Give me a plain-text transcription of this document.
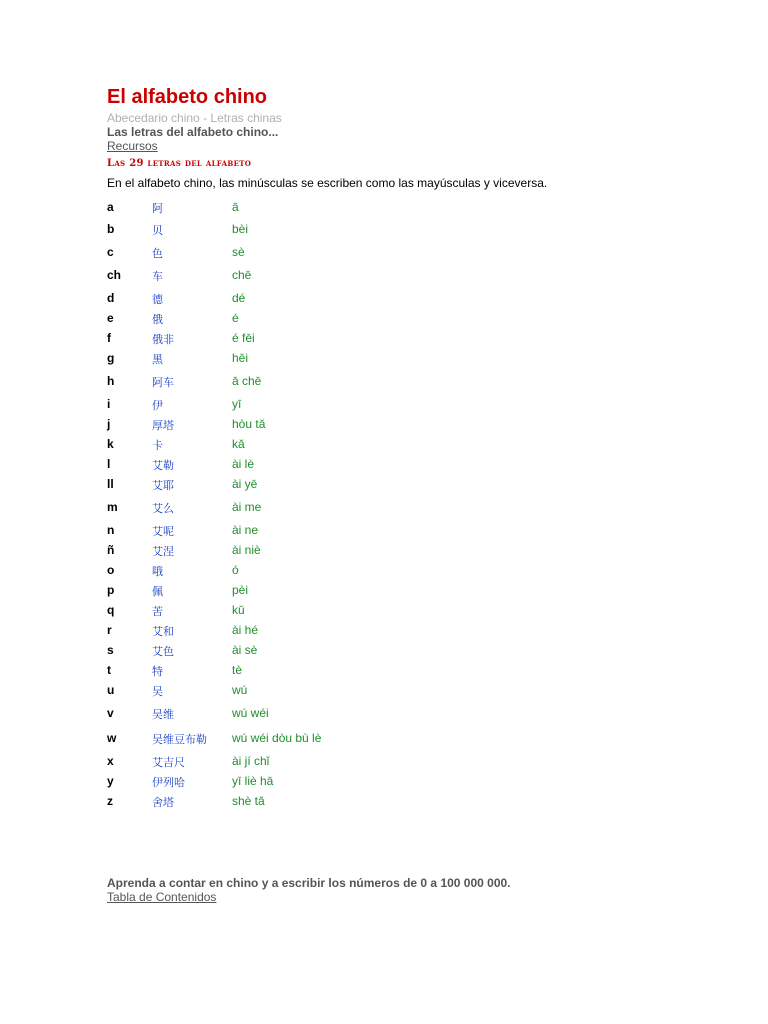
El alfabeto chino
Abecedario chino - Letras chinas
Las letras del alfabeto chino...
Recursos
Las 29 letras del alfabeto
En el alfabeto chino, las minúsculas se escriben como las mayúsculas y viceversa.
a	阿	ā
b	贝	bèi
c	色	sè
ch	车	chē
d	德	dé
e	俄	é
f	俄非	é fēi
g	黑	hēi
h	阿车	ā chē
i	伊	yī
j	厚塔	hòu tǎ
k	卡	kǎ
l	艾勒	ài lè
ll	艾耶	ài yē
m	艾么	ài me
n	艾呢	ài ne
ñ	艾涅	ài niè
o	哦	ó
p	佩	pèi
q	苦	kǔ
r	艾和	ài hé
s	艾色	ài sè
t	特	tè
u	吴	wú
v	吴维	wú wéi
w	吴维豆布勒 wú wéi dòu bù lè
x	艾吉尺	ài jí chǐ
y	伊列哈	yī liè hā
z	舍塔	shè tǎ
Aprenda a contar en chino y a escribir los números de 0 a 100 000 000.
Tabla de Contenidos
